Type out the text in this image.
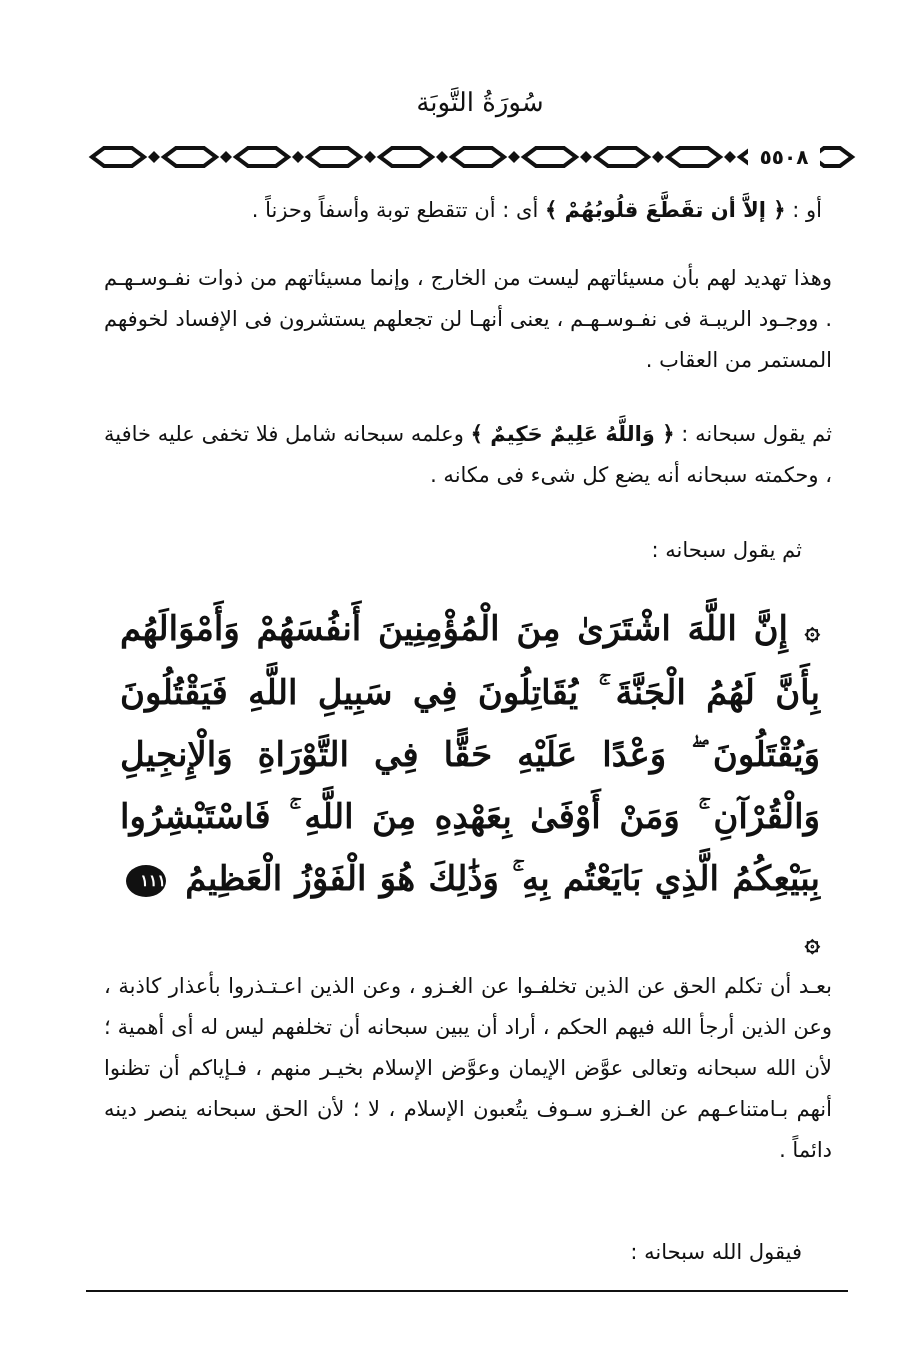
سُورَةُ التَّوبَة
٥٥٠٨
أو : ﴿ إلاَّ أن تقَطَّعَ قلُوبُهُمْ ﴾ أى : أن تتقطع توبة وأسفاً وحزناً .
وهذا تهديد لهم بأن مسيئاتهم ليست من الخارج ، وإنما مسيئاتهم من ذوات نفـوسـهـم . ووجـود الريبـة فى نفـوسـهـم ، يعنى أنهـا لن تجعلهم يستشرون فى الإفساد لخوفهم المستمر من العقاب .
ثم يقول سبحانه : ﴿ وَاللَّهُ عَلِيمٌ حَكِيمٌ ﴾ وعلمه سبحانه شامل فلا تخفى عليه خافية ، وحكمته سبحانه أنه يضع كل شىء فى مكانه .
ثم يقول سبحانه :
۞ إِنَّ اللَّهَ اشْتَرَىٰ مِنَ الْمُؤْمِنِينَ أَنفُسَهُمْ وَأَمْوَالَهُم بِأَنَّ لَهُمُ الْجَنَّةَ ۚ يُقَاتِلُونَ فِي سَبِيلِ اللَّهِ فَيَقْتُلُونَ وَيُقْتَلُونَ ۖ وَعْدًا عَلَيْهِ حَقًّا فِي التَّوْرَاةِ وَالْإِنجِيلِ وَالْقُرْآنِ ۚ وَمَنْ أَوْفَىٰ بِعَهْدِهِ مِنَ اللَّهِ ۚ فَاسْتَبْشِرُوا بِبَيْعِكُمُ الَّذِي بَايَعْتُم بِهِ ۚ وَذَٰلِكَ هُوَ الْفَوْزُ الْعَظِيمُ ١١١ ۞
بعـد أن تكلم الحق عن الذين تخلفـوا عن الغـزو ، وعن الذين اعـتـذروا بأعذار كاذبة ، وعن الذين أرجأ الله فيهم الحكم ، أراد أن يبين سبحانه أن تخلفهم ليس له أى أهمية ؛ لأن الله سبحانه وتعالى عوَّض الإيمان وعوَّض الإسلام بخيـر منهم ، فـإياكم أن تظنوا أنهم بـامتناعـهم عن الغـزو سـوف يتُعبون الإسلام ، لا ؛ لأن الحق سبحانه ينصر دينه دائماً .
فيقول الله سبحانه :
